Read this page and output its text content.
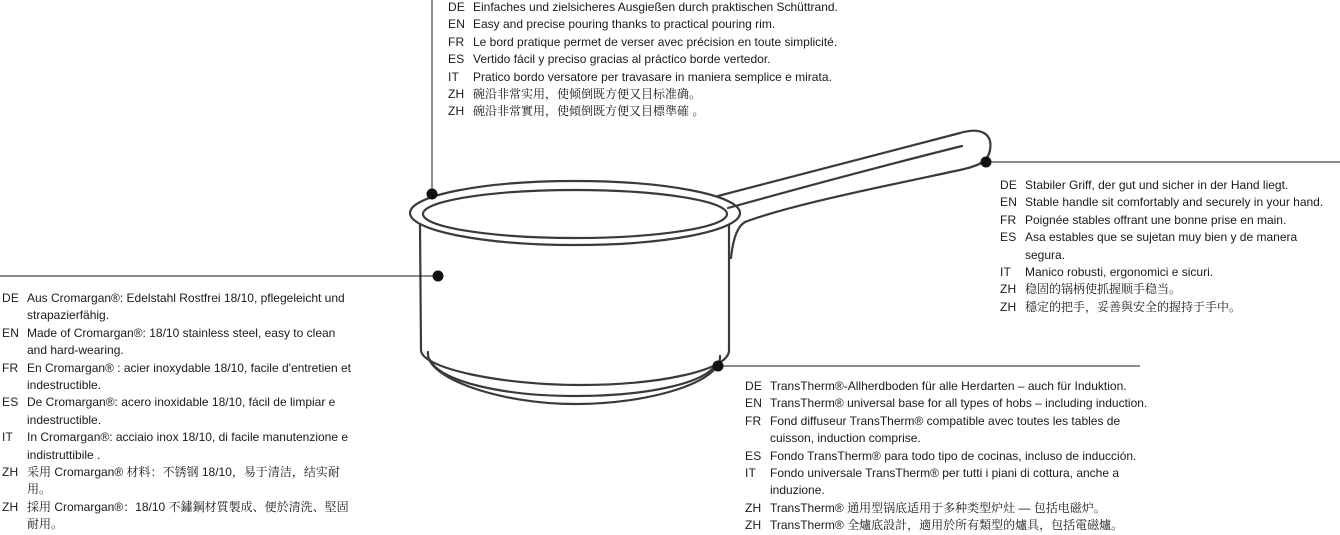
DE Einfaches und zielsicheres Ausgießen durch praktischen Schüttrand.
EN Easy and precise pouring thanks to practical pouring rim.
FR Le bord pratique permet de verser avec précision en toute simplicité.
ES Vertido fácil y preciso gracias al práctico borde vertedor.
IT	Pratico bordo versatore per travasare in maniera semplice e mirata.
ZH 碗沿非常实用，使倾倒既方便又目标准确。
ZH 碗沿非常實用，使傾倒既方便又目標準確 。
DE Stabiler Griff, der gut und sicher in der Hand liegt.
EN Stable handle sit comfortably and securely in your hand.
FR Poignée stables offrant une bonne prise en main.
ES Asa estables que se sujetan muy bien y de manera segura.
IT	Manico robusti, ergonomici e sicuri.
ZH 稳固的锅柄使抓握顺手稳当。
ZH 穩定的把手，妥善與安全的握持于手中。
DE Aus Cromargan®: Edelstahl Rostfrei 18/10, pflegeleicht und strapazierfähig.
EN Made of Cromargan®: 18/10 stainless steel, easy to clean and hard-wearing.
FR En Cromargan® : acier inoxydable 18/10, facile d'entretien et indestructible.
ES De Cromargan®: acero inoxidable 18/10, fácil de limpiar e indestructible.
IT	In Cromargan®: acciaio inox 18/10, di facile manutenzione e indistruttibile .
ZH 采用 Cromargan® 材料：不锈钢 18/10，易于清洁，结实耐用。
ZH 採用 Cromargan®：18/10 不鏽鋼材質製成、便於清洗、堅固耐用。
DE TransTherm®-Allherdboden für alle Herdarten – auch für Induktion.
EN TransTherm® universal base for all types of hobs – including induction.
FR Fond diffuseur TransTherm® compatible avec toutes les tables de cuisson, induction comprise.
ES Fondo TransTherm® para todo tipo de cocinas, incluso de inducción.
IT	Fondo universale TransTherm® per tutti i piani di cottura, anche a induzione.
ZH TransTherm® 通用型锅底适用于多种类型炉灶 — 包括电磁炉。
ZH TransTherm® 全爐底設計，適用於所有類型的爐具，包括電磁爐。
